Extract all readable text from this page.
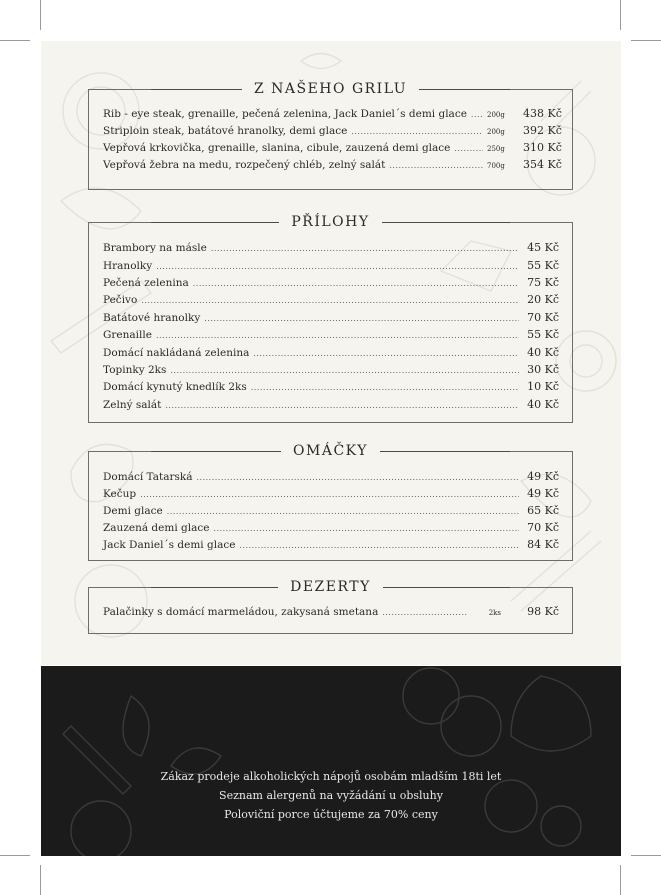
Z NAŠEHO GRILU
Rib - eye steak, grenaille, pečená zelenina, Jack Daniel´s demi glace .....	200g	438 Kč
Striploin steak, batátové hranolky, demi glace .....	200g	392 Kč
Vepřová krkovička, grenaille, slanina, cibule, zauzená demi glace .....	250g	310 Kč
Vepřová žebra na medu, rozpečený chléb, zelný salát .....	700g	354 Kč
PŘÍLOHY
Brambory na másle .....	45 Kč
Hranolky .....	55 Kč
Pečená zelenina .....	75 Kč
Pečivo .....	20 Kč
Batátové hranolky .....	70 Kč
Grenaille .....	55 Kč
Domácí nakládaná zelenina .....	40 Kč
Topinky 2ks .....	30 Kč
Domácí kynutý knedlík 2ks .....	10 Kč
Zelný salát .....	40 Kč
OMÁČKY
Domácí Tatarská .....	49 Kč
Kečup .....	49 Kč
Demi glace .....	65 Kč
Zauzená demi glace .....	70 Kč
Jack Daniel´s demi glace .....	84 Kč
DEZERTY
Palačinky s domácí marmeládou, zakysaná smetana .....	2ks	98 Kč
Zákaz prodeje alkoholických nápojů osobám mladším 18ti let
Seznam alergenů na vyžádání u obsluhy
Poloviční porce účtujeme za 70% ceny
